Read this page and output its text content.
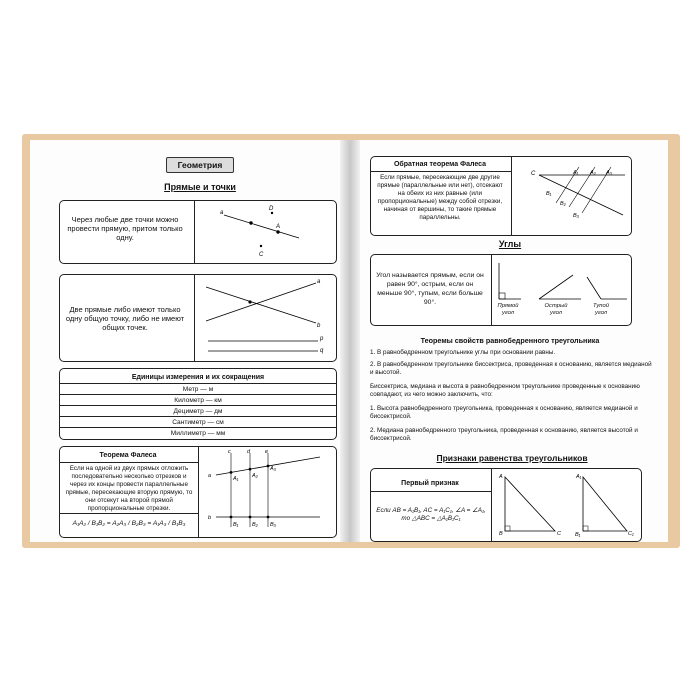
Геометрия
Прямые и точки
Через любые две точки можно провести прямую, притом только одну.
a
D
A
C
Две прямые либо имеют только одну общую точку, либо не имеют общих точек.
a
b
p
q
Единицы измерения и их сокращения
Метр — м
Километр — км
Дециметр — дм
Сантиметр — см
Миллиметр — мм
Теорема Фалеса
Если на одной из двух прямых отложить последовательно несколько отрезков и через их концы провести параллельные прямые, пересекающие вторую прямую, то они отсекут на второй прямой пропорциональные отрезки.
A₁A₂ / B₁B₂ = A₂A₃ / B₂B₃ = A₁A₃ / B₁B₃
c	d	e
a
b
A₁ A₂
A₃
B₁ B₂ B₃
Обратная теорема Фалеса
Если прямые, пересекающие две другие прямые (параллельные или нет), отсекают на обеих из них равные (или пропорциональные) между собой отрезки, начиная от вершины, то такие прямые параллельны.
C	A₁ A₂ A₃
B₁
B₂
B₃
Углы
Угол называется прямым, если он равен 90°, острым, если он меньше 90°, тупым, если больше 90°.	Прямой угол
Острый угол
Тупой угол
Теоремы свойств равнобедренного треугольника
1. В равнобедренном треугольнике углы при основании равны.
2. В равнобедренном треугольнике биссектриса, проведенная к основанию, является медианой и высотой.
Биссектриса, медиана и высота в равнобедренном треугольнике проведенные к основанию совпадают, из чего можно заключить, что:
1. Высота равнобедренного треугольника, проведенная к основанию, является медианой и биссектрисой.
2. Медиана равнобедренного треугольника, проведенная к основанию, является высотой и биссектрисой.
Признаки равенства треугольников
Первый признак
Если AB = A₁B₁, AC = A₁C₁, ∠A = ∠A₁, то △ABC = △A₁B₁C₁
A
B	C
A₁
B₁	C₁
